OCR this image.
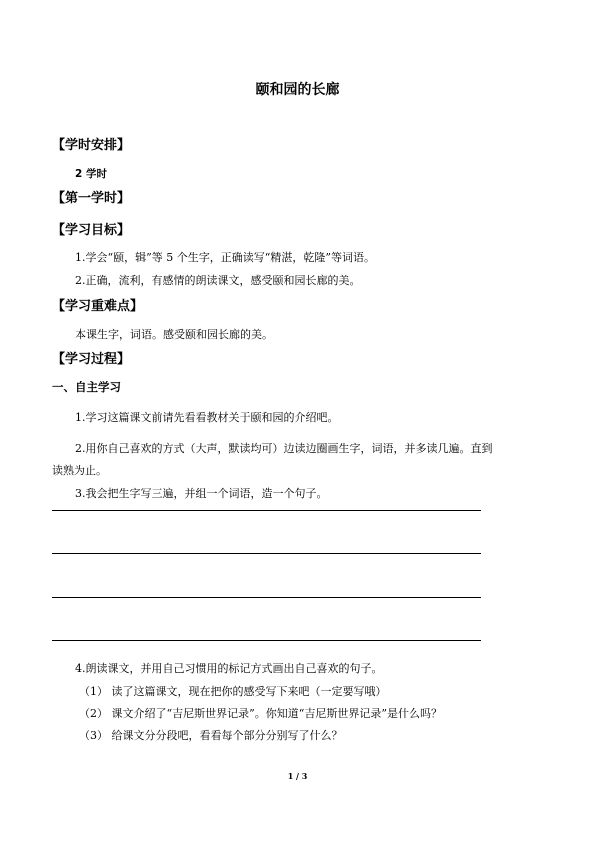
颐和园的长廊
【学时安排】
2 学时
【第一学时】
【学习目标】
1.学会“颐，辑”等 5 个生字，正确读写“精湛，乾隆”等词语。
2.正确，流利，有感情的朗读课文，感受颐和园长廊的美。
【学习重难点】
本课生字，词语。感受颐和园长廊的美。
【学习过程】
一、自主学习
1.学习这篇课文前请先看看教材关于颐和园的介绍吧。
2.用你自己喜欢的方式（大声，默读均可）边读边圈画生字，词语，并多读几遍。直到
读熟为止。
3.我会把生字写三遍，并组一个词语，造一个句子。
4.朗读课文，并用自己习惯用的标记方式画出自己喜欢的句子。
（1） 读了这篇课文，现在把你的感受写下来吧（一定要写哦）
（2） 课文介绍了“吉尼斯世界记录”。你知道“吉尼斯世界记录”是什么吗？
（3） 给课文分分段吧，看看每个部分分别写了什么？
1 / 3
